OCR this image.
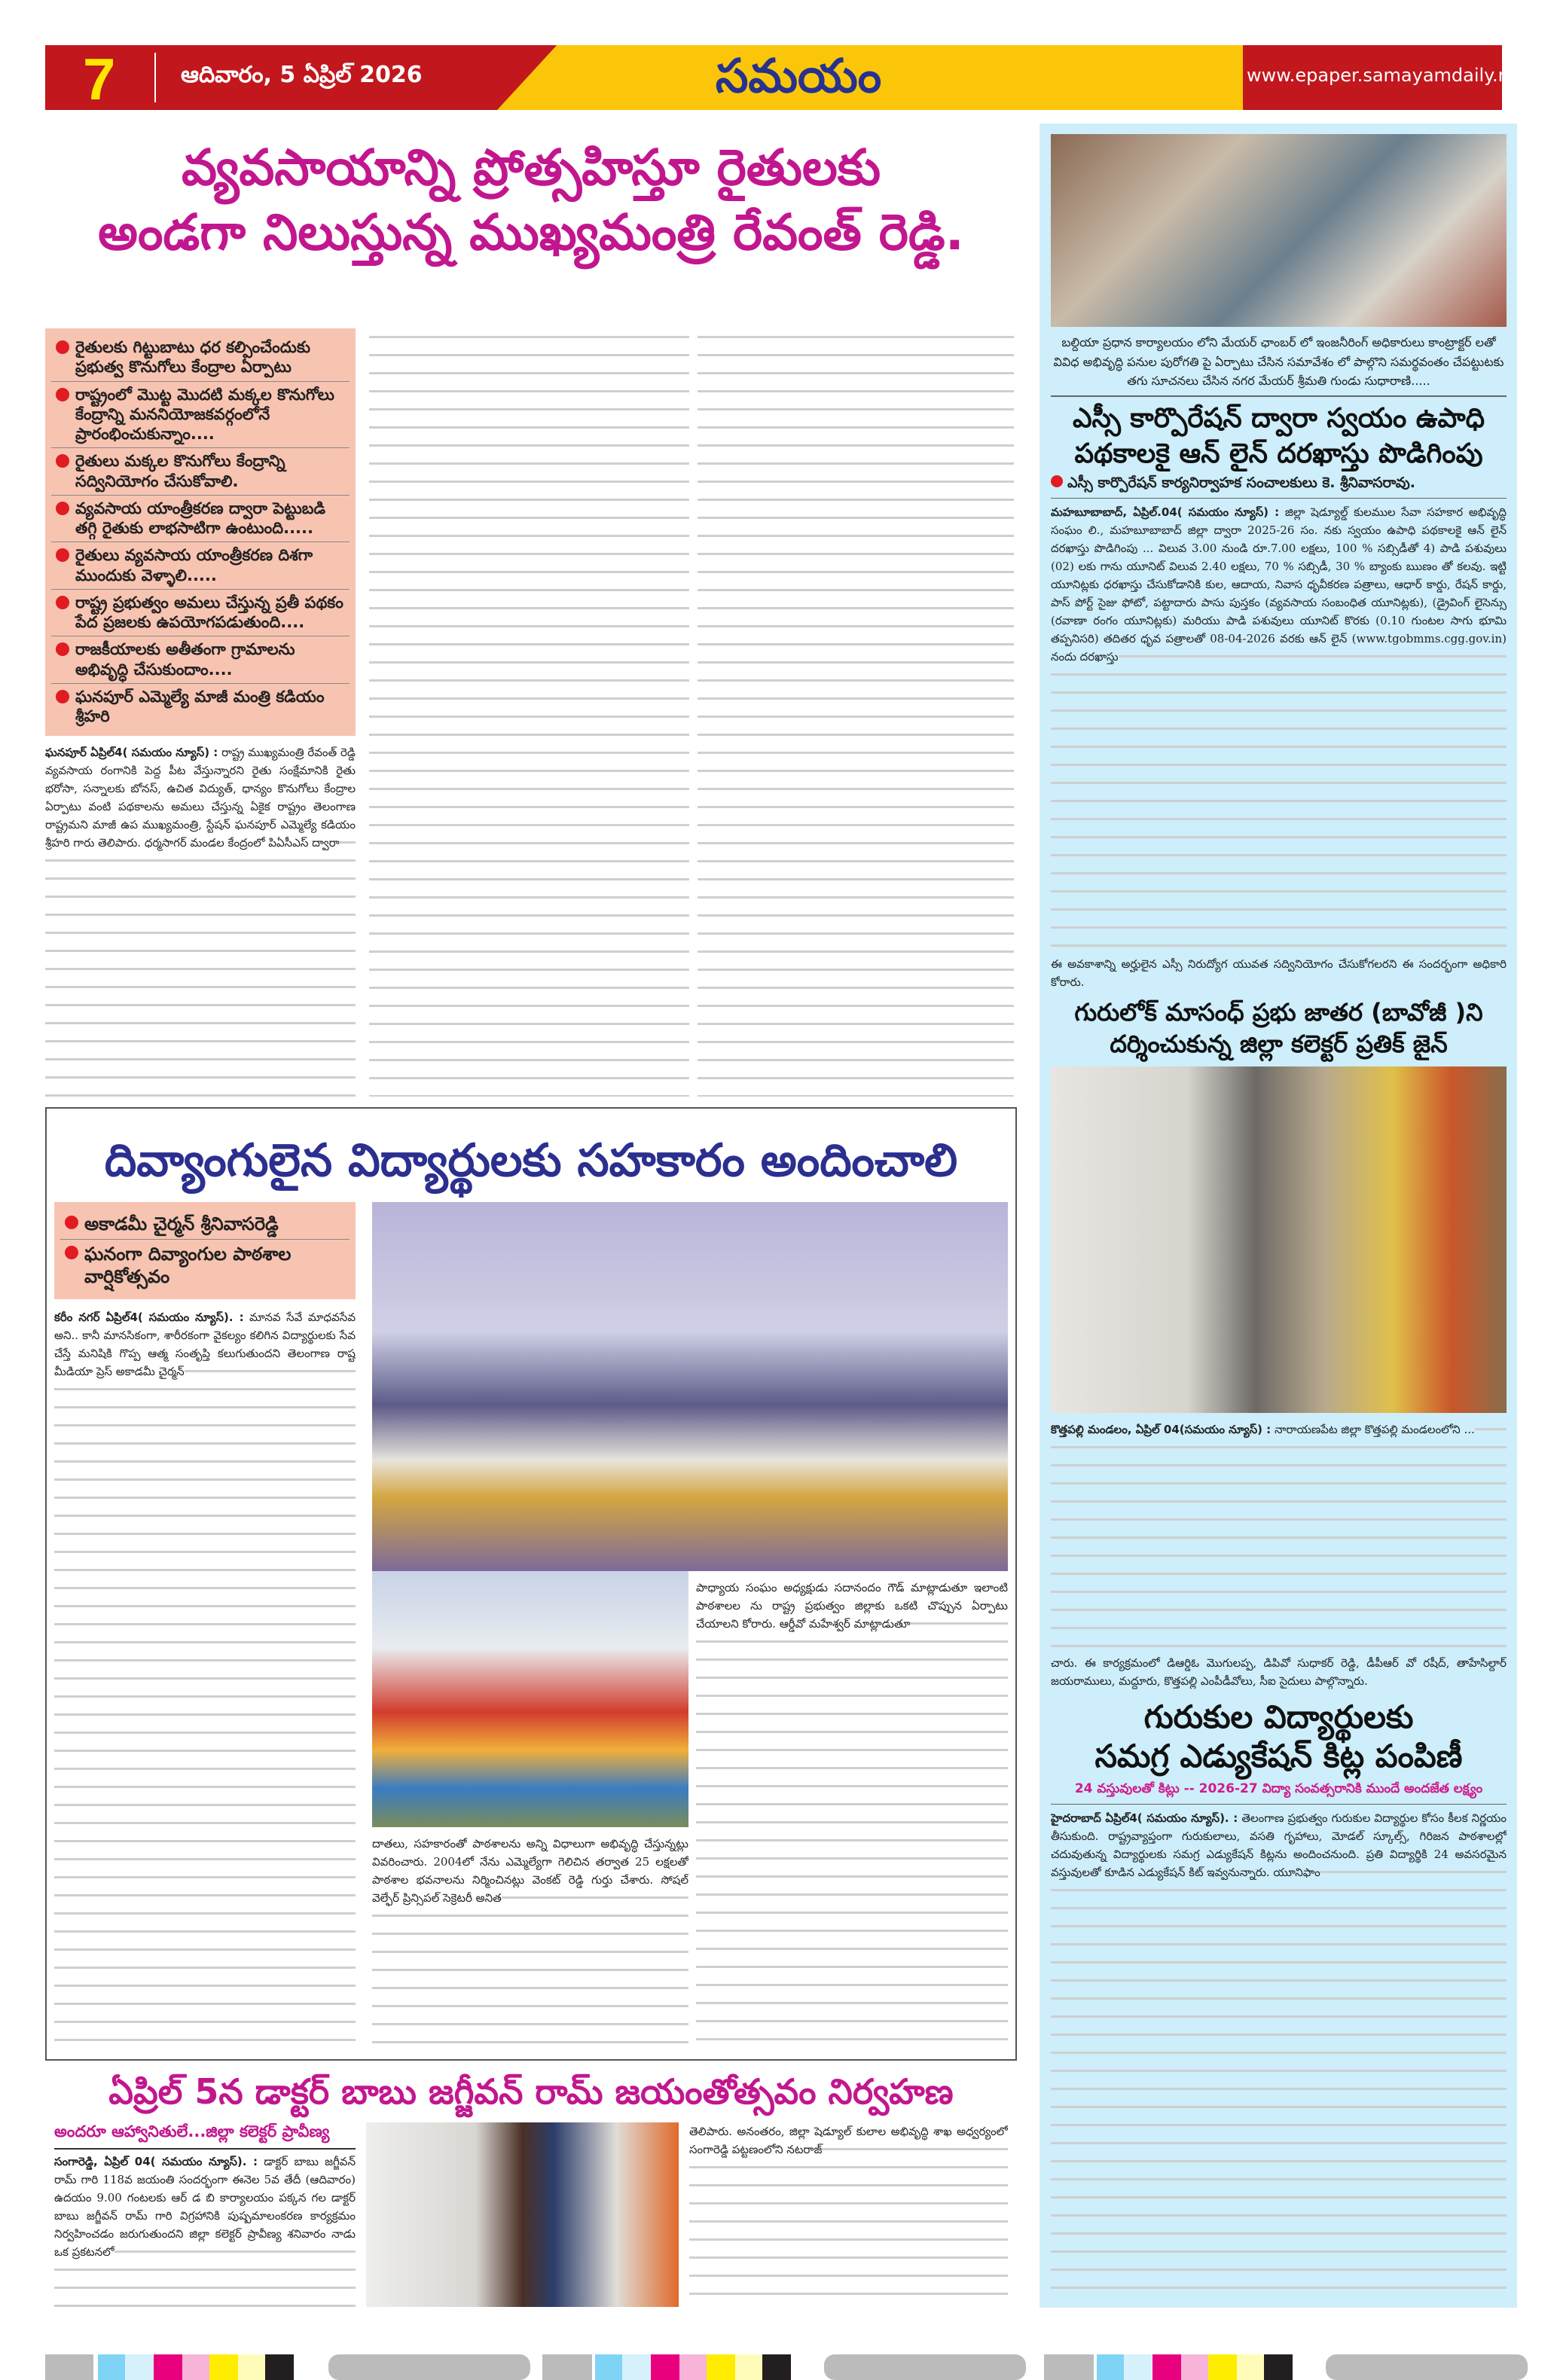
7	ఆదివారం, 5 ఏప్రిల్ 2026	సమయం	www.epaper.samayamdaily.net
బల్దియా ప్రధాన కార్యాలయం లోని మేయర్ ఛాంబర్ లో ఇంజనీరింగ్ అధికారులు కాంట్రాక్టర్ లతో వివిధ అభివృద్ధి పనుల పురోగతి పై ఏర్పాటు చేసిన సమావేశం లో పాల్గొని సమర్థవంతం చేపట్టుటకు తగు సూచనలు చేసిన నగర మేయర్ శ్రీమతి గుండు సుధారాణి.....
ఎస్సీ కార్పొరేషన్ ద్వారా స్వయం ఉపాధి
పథకాలకై ఆన్ లైన్ దరఖాస్తు పొడిగింపు
ఎస్సీ కార్పొరేషన్ కార్యనిర్వాహక సంచాలకులు కె. శ్రీనివాసరావు.
మహబూబాబాద్, ఏప్రిల్.04( సమయం న్యూస్) : జిల్లా షెడ్యూల్డ్ కులముల సేవా సహకార అభివృద్ధి సంఘం లి., మహబూబాబాద్ జిల్లా ద్వారా 2025-26 సం. నకు స్వయం ఉపాధి పథకాలకై ఆన్ లైన్ దరఖాస్తు పొడిగింపు ... విలువ 3.00 నుండి రూ.7.00 లక్షలు, 100 % సబ్సిడీతో 4) పాడి పశువులు (02) లకు గాను యూనిట్ విలువ 2.40 లక్షలు, 70 % సబ్సిడీ, 30 % బ్యాంకు ఋణం తో కలవు. ఇట్టి యూనిట్లకు ధరఖాస్తు చేసుకోడానికి కుల, ఆదాయ, నివాస ధృవీకరణ పత్రాలు, ఆధార్ కార్డు, రేషన్ కార్డు, పాస్ పోర్ట్ సైజు ఫోటో, పట్టాదారు పాసు పుస్తకం (వ్యవసాయ సంబంధిత యూనిట్లకు), (డ్రైవింగ్ లైసెన్సు (రవాణా రంగం యూనిట్లకు) మరియు పాడి పశువులు యూనిట్ కొరకు (0.10 గుంటల సాగు భూమి తప్పనిసరి) తదితర ధృవ పత్రాలతో 08-04-2026 వరకు ఆన్ లైన్ (www.tgobmms.cgg.gov.in) నందు దరఖాస్తు
ఈ అవకాశాన్ని అర్హులైన ఎస్సీ నిరుద్యోగ యువత సద్వినియోగం చేసుకోగలరని ఈ సందర్భంగా అధికారి కోరారు.
గురులోక్ మాసంధ్ ప్రభు జాతర (బావోజీ )ని
దర్శించుకున్న జిల్లా కలెక్టర్ ప్రతిక్ జైన్
కొత్తపల్లి మండలం, ఏప్రిల్ 04(సమయం న్యూస్) : నారాయణపేట జిల్లా కొత్తపల్లి మండలంలోని ...
చారు. ఈ కార్యక్రమంలో డిఆర్డిఓ మొగులప్ప, డిపివో సుధాకర్ రెడ్డి, డీపీఆర్ వో రషీద్, తాహేసిల్దార్ జయరాములు, మద్దూరు, కొత్తపల్లి ఎంపీడీవోలు, సీఐ సైదులు పాల్గొన్నారు.
గురుకుల విద్యార్థులకు
సమగ్ర ఎడ్యుకేషన్ కిట్ల పంపిణీ
24 వస్తువులతో కిట్లు -- 2026-27 విద్యా సంవత్సరానికి ముందే అందజేత లక్ష్యం
హైదరాబాద్ ఏప్రిల్4( సమయం న్యూస్). : తెలంగాణ ప్రభుత్వం గురుకుల విద్యార్థుల కోసం కీలక నిర్ణయం తీసుకుంది. రాష్ట్రవ్యాప్తంగా గురుకులాలు, వసతి గృహాలు, మోడల్ స్కూల్స్, గిరిజన పాఠశాలల్లో చదువుతున్న విద్యార్థులకు సమగ్ర ఎడ్యుకేషన్ కిట్లను అందించనుంది. ప్రతి విద్యార్థికి 24 అవసరమైన వస్తువులతో కూడిన ఎడ్యుకేషన్ కిట్ ఇవ్వనున్నారు. యూనిఫాం
వ్యవసాయాన్ని ప్రోత్సహిస్తూ రైతులకు
అండగా నిలుస్తున్న ముఖ్యమంత్రి రేవంత్ రెడ్డి.
రైతులకు గిట్టుబాటు ధర కల్పించేందుకు ప్రభుత్వ కొనుగోలు కేంద్రాల ఏర్పాటు
రాష్ట్రంలో మొట్ట మొదటి మక్కల కొనుగోలు కేంద్రాన్ని మననియోజకవర్గంలోనే ప్రారంభించుకున్నాం....
రైతులు మక్కల కొనుగోలు కేంద్రాన్ని సద్వినియోగం చేసుకోవాలి.
వ్యవసాయ యాంత్రీకరణ ద్వారా పెట్టుబడి తగ్గి రైతుకు లాభసాటిగా ఉంటుంది.....
రైతులు వ్యవసాయ యాంత్రీకరణ దిశగా ముందుకు వెళ్ళాలి.....
రాష్ట్ర ప్రభుత్వం అమలు చేస్తున్న ప్రతీ పథకం పేద ప్రజలకు ఉపయోగపడుతుంది....
రాజకీయాలకు అతీతంగా గ్రామాలను అభివృద్ధి చేసుకుందాం....
ఘనపూర్ ఎమ్మెల్యే మాజీ మంత్రి కడియం శ్రీహరి
ఘనపూర్ ఏప్రిల్4( సమయం న్యూస్) : రాష్ట్ర ముఖ్యమంత్రి రేవంత్ రెడ్డి వ్యవసాయ రంగానికి పెద్ద పీట వేస్తున్నారని రైతు సంక్షేమానికి రైతు భరోసా, సన్నాలకు బోనస్, ఉచిత విద్యుత్, ధాన్యం కొనుగోలు కేంద్రాల ఏర్పాటు వంటి పథకాలను అమలు చేస్తున్న ఏకైక రాష్ట్రం తెలంగాణ రాష్ట్రమని మాజీ ఉప ముఖ్యమంత్రి, స్టేషన్ ఘనపూర్ ఎమ్మెల్యే కడియం శ్రీహరి గారు తెలిపారు. ధర్మసాగర్ మండల కేంద్రంలో పిఏసీఎస్ ద్వారా
దివ్యాంగులైన విద్యార్థులకు సహకారం అందించాలి
అకాడమీ చైర్మన్ శ్రీనివాసరెడ్డి
ఘనంగా దివ్యాంగుల పాఠశాల వార్షికోత్సవం
కరీం నగర్ ఏప్రిల్4( సమయం న్యూస్). : మానవ సేవే మాధవసేవ అని.. కానీ మానసికంగా, శారీరకంగా వైకల్యం కలిగిన విద్యార్థులకు సేవ చేస్తే మనిషికి గొప్ప ఆత్మ సంతృప్తి కలుగుతుందని తెలంగాణ రాష్ట మీడియా ప్రెస్ అకాడమీ చైర్మన్
దాతలు, సహకారంతో పాఠశాలను అన్ని విధాలుగా అభివృద్ధి చేస్తున్నట్లు వివరించారు. 2004లో నేను ఎమ్మెల్యేగా గెలిచిన తర్వాత 25 లక్షలతో పాఠశాల భవనాలను నిర్మించినట్లు వెంకట్ రెడ్డి గుర్తు చేశారు. సోషల్ వెల్ఫేర్ ప్రిన్సిపల్ సెక్రెటరీ అనిత
పాధ్యాయ సంఘం అధ్యక్షుడు సదానందం గౌడ్ మాట్లాడుతూ ఇలాంటి పాఠశాలల ను రాష్ట్ర ప్రభుత్వం జిల్లాకు ఒకటి చొప్పున ఏర్పాటు చేయాలని కోరారు. ఆర్డీవో మహేశ్వర్ మాట్లాడుతూ
ఏప్రిల్ 5న డాక్టర్ బాబు జగ్జీవన్ రామ్ జయంతోత్సవం నిర్వహణ
అందరూ ఆహ్వానితులే...జిల్లా కలెక్టర్ ప్రావీణ్య
సంగారెడ్డి, ఏప్రిల్ 04( సమయం న్యూస్). : డాక్టర్ బాబు జగ్జీవన్ రామ్ గారి 118వ జయంతి సందర్భంగా ఈనెల 5వ తేదీ (ఆదివారం) ఉదయం 9.00 గంటలకు ఆర్ డ బి కార్యాలయం పక్కన గల డాక్టర్ బాబు జగ్జీవన్ రామ్ గారి విగ్రహానికి పుష్పమాలంకరణ కార్యక్రమం నిర్వహించడం జరుగుతుందని జిల్లా కలెక్టర్ ప్రావీణ్య శనివారం నాడు ఒక ప్రకటనలో
తెలిపారు. అనంతరం, జిల్లా షెడ్యూల్ కులాల అభివృద్ధి శాఖ అధ్వర్యంలో సంగారెడ్డి పట్టణంలోని నటరాజ్
